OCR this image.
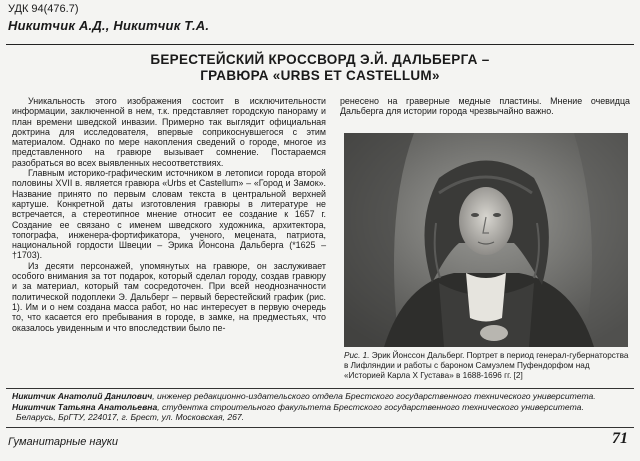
УДК 94(476.7)
Никитчик А.Д., Никитчик Т.А.
БЕРЕСТЕЙСКИЙ КРОССВОРД Э.Й. ДАЛЬБЕРГА –
ГРАВЮРА «URBS ET CASTELLUM»

Уникальность этого изображения состоит в исключительности информации, заключенной в нем, т.к. представляет городскую панораму и план времени шведской инвазии. Примерно так выглядит официальная доктрина для исследователя, впервые соприкоснувшегося с этим материалом. Однако по мере накопления сведений о городе, многое из представленного на гравюре вызывает сомнение. Постараемся разобраться во всех выявленных несоответствиях.

Главным историко-графическим источником в летописи города второй половины XVII в. является гравюра «Urbs et Castellum» – «Город и Замок». Название принято по первым словам текста в центральной верхней картуше. Конкретной даты изготовления гравюры в литературе не встречается, а стереотипное мнение относит ее создание к 1657 г. Создание ее связано с именем шведского художника, архитектора, топографа, инженера-фортификатора, ученого, мецената, патриота, национальной гордости Швеции – Эрика Йонсона Дальберга (*1625 – †1703).

Из десяти персонажей, упомянутых на гравюре, он заслуживает особого внимания за тот подарок, который сделал городу, создав гравюру и за материал, который там сосредоточен. При всей неоднозначности политической подоплеки Э. Дальберг – первый берестейский график (рис. 1). Им и о нем создана масса работ, но нас интересует в первую очередь то, что касается его пребывания в городе, в замке, на предместьях, что оказалось увиденным и что впоследствии было пе-

ренесено на граверные медные пластины. Мнение очевидца Дальберга для истории города чрезвычайно важно.

Рис. 1. Эрик Йонссон Дальберг. Портрет в период генерал-губернаторства в Лифляндии и работы с бароном Самуэлем Пуфендорфом над «Историей Карла X Густава» в 1688-1696 гг. [2]

Никитчик Анатолий Данилович, инженер редакционно-издательского отдела Брестского государственного технического университета.

Никитчик Татьяна Анатольевна, студентка строительного факультета Брестского государственного технического университета.

Беларусь, БрГТУ, 224017, г. Брест, ул. Московская, 267.

Гуманитарные науки	71
